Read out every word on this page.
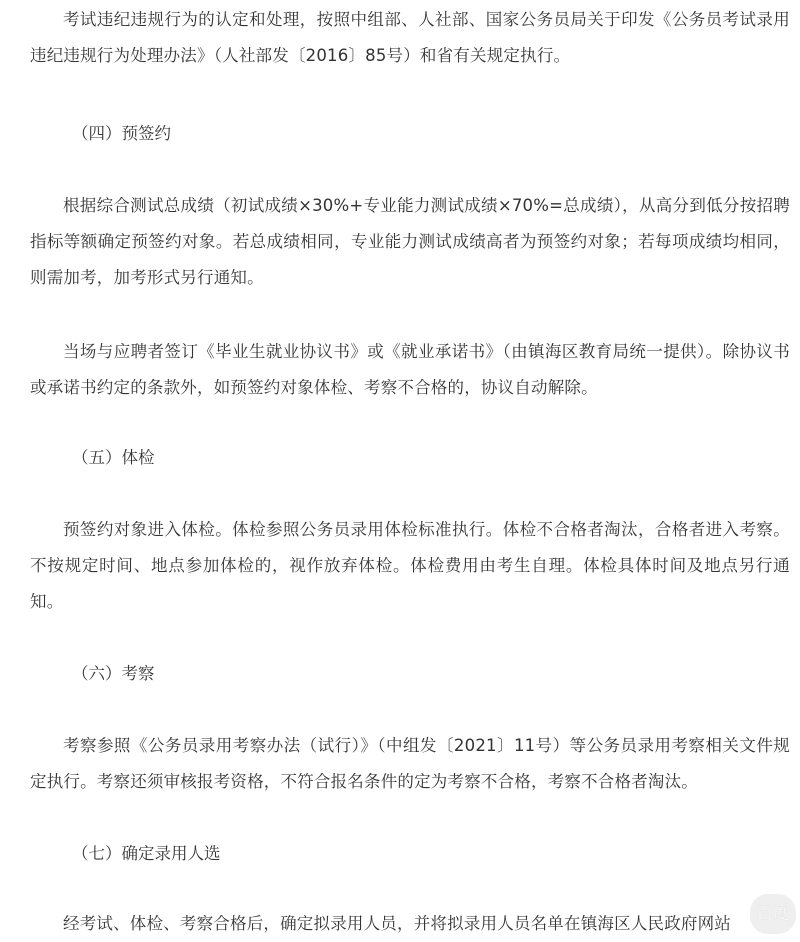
考试违纪违规行为的认定和处理，按照中组部、人社部、国家公务员局关于印发《公务员考试录用违纪违规行为处理办法》（人社部发〔2016〕85号）和省有关规定执行。

（四）预签约

根据综合测试总成绩（初试成绩×30%+专业能力测试成绩×70%=总成绩），从高分到低分按招聘指标等额确定预签约对象。若总成绩相同，专业能力测试成绩高者为预签约对象；若每项成绩均相同，则需加考，加考形式另行通知。

当场与应聘者签订《毕业生就业协议书》或《就业承诺书》（由镇海区教育局统一提供）。除协议书或承诺书约定的条款外，如预签约对象体检、考察不合格的，协议自动解除。

（五）体检

预签约对象进入体检。体检参照公务员录用体检标准执行。体检不合格者淘汰，合格者进入考察。不按规定时间、地点参加体检的，视作放弃体检。体检费用由考生自理。体检具体时间及地点另行通知。

（六）考察

考察参照《公务员录用考察办法（试行）》（中组发〔2021〕11号）等公务员录用考察相关文件规定执行。考察还须审核报考资格，不符合报名条件的定为考察不合格，考察不合格者淘汰。

（七）确定录用人选

经考试、体检、考察合格后，确定拟录用人员，并将拟录用人员名单在镇海区人民政府网站	百度
